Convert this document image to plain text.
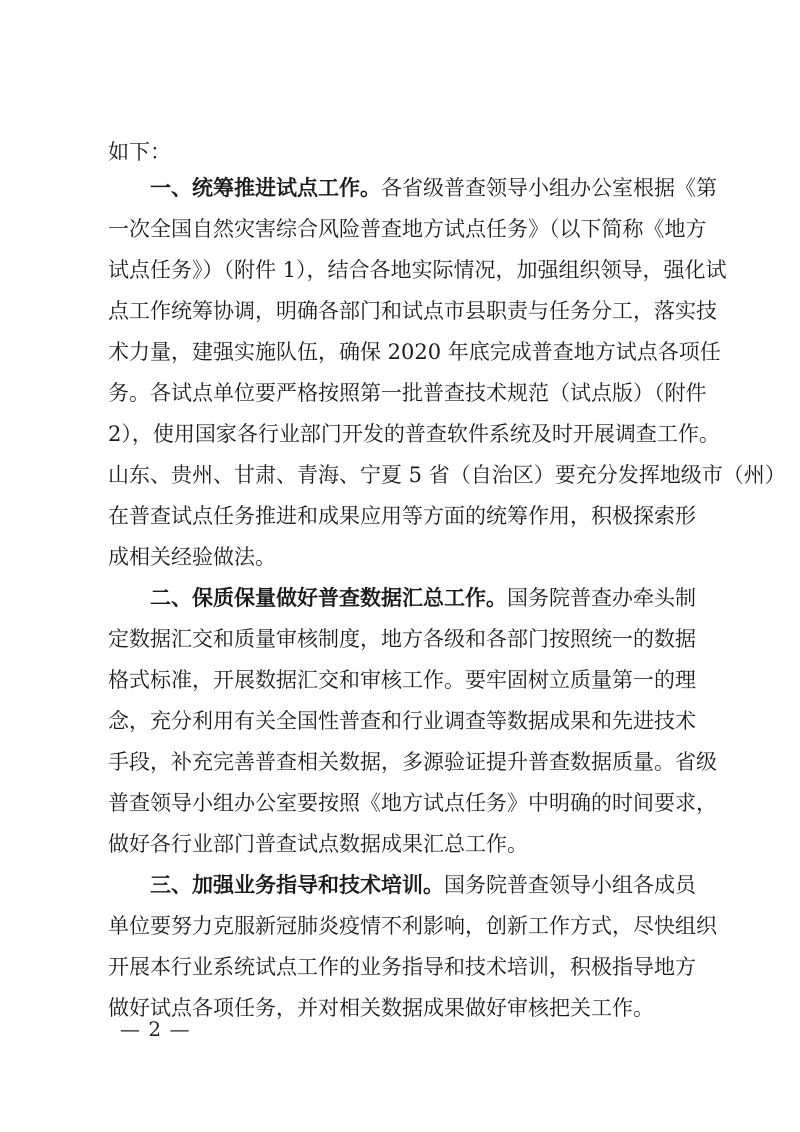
如下：
一、统筹推进试点工作。各省级普查领导小组办公室根据《第
一次全国自然灾害综合风险普查地方试点任务》（以下简称《地方
试点任务》）（附件 1），结合各地实际情况，加强组织领导，强化试
点工作统筹协调，明确各部门和试点市县职责与任务分工，落实技
术力量，建强实施队伍，确保 2020 年底完成普查地方试点各项任
务。各试点单位要严格按照第一批普查技术规范（试点版）（附件
2），使用国家各行业部门开发的普查软件系统及时开展调查工作。
山东、贵州、甘肃、青海、宁夏 5 省（自治区）要充分发挥地级市（州）
在普查试点任务推进和成果应用等方面的统筹作用，积极探索形
成相关经验做法。
二、保质保量做好普查数据汇总工作。国务院普查办牵头制
定数据汇交和质量审核制度，地方各级和各部门按照统一的数据
格式标准，开展数据汇交和审核工作。要牢固树立质量第一的理
念，充分利用有关全国性普查和行业调查等数据成果和先进技术
手段，补充完善普查相关数据，多源验证提升普查数据质量。省级
普查领导小组办公室要按照《地方试点任务》中明确的时间要求，
做好各行业部门普查试点数据成果汇总工作。
三、加强业务指导和技术培训。国务院普查领导小组各成员
单位要努力克服新冠肺炎疫情不利影响，创新工作方式，尽快组织
开展本行业系统试点工作的业务指导和技术培训，积极指导地方
做好试点各项任务，并对相关数据成果做好审核把关工作。
— 2 —
